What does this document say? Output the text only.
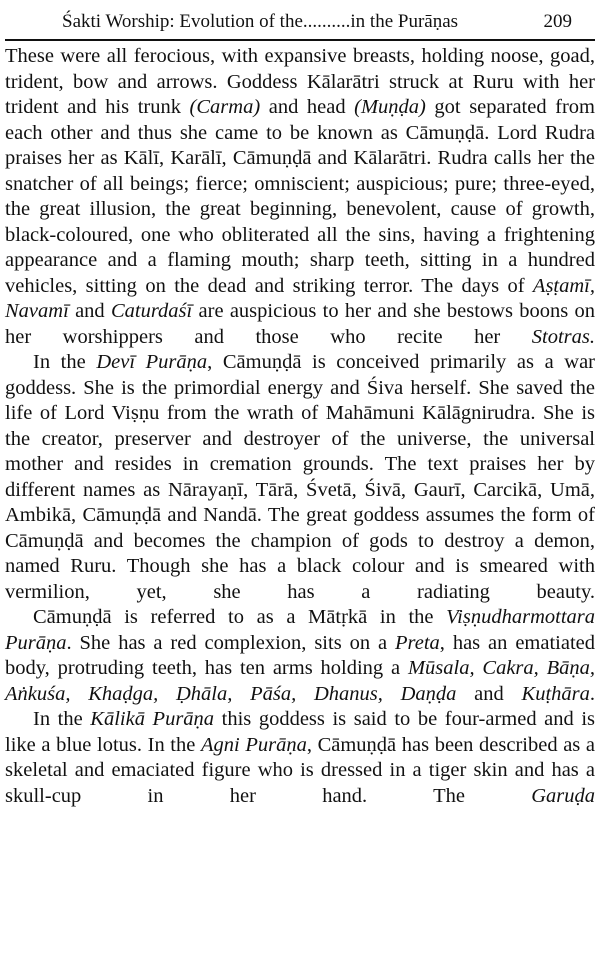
Śakti Worship: Evolution of the..........in the Purāṇas	209

These were all ferocious, with expansive breasts, holding noose, goad, trident, bow and arrows. Goddess Kālarātri struck at Ruru with her trident and his trunk (Carma) and head (Muṇḍa) got separated from each other and thus she came to be known as Cāmuṇḍā. Lord Rudra praises her as Kālī, Karālī, Cāmuṇḍā and Kālarātri. Rudra calls her the snatcher of all beings; fierce; omniscient; auspicious; pure; three-eyed, the great illusion, the great beginning, benevolent, cause of growth, black-coloured, one who obliterated all the sins, having a frightening appearance and a flaming mouth; sharp teeth, sitting in a hundred vehicles, sitting on the dead and striking terror. The days of Aṣṭamī, Navamī and Caturdaśī are auspicious to her and she bestows boons on her worshippers and those who recite her Stotras.

In the Devī Purāṇa, Cāmuṇḍā is conceived primarily as a war goddess. She is the primordial energy and Śiva herself. She saved the life of Lord Viṣṇu from the wrath of Mahāmuni Kālāgnirudra. She is the creator, preserver and destroyer of the universe, the universal mother and resides in cremation grounds. The text praises her by different names as Nārayaṇī, Tārā, Śvetā, Śivā, Gaurī, Carcikā, Umā, Ambikā, Cāmuṇḍā and Nandā. The great goddess assumes the form of Cāmuṇḍā and becomes the champion of gods to destroy a demon, named Ruru. Though she has a black colour and is smeared with vermilion, yet, she has a radiating beauty.

Cāmuṇḍā is referred to as a Mātṛkā in the Viṣṇudharmottara Purāṇa. She has a red complexion, sits on a Preta, has an ematiated body, protruding teeth, has ten arms holding a Mūsala, Cakra, Bāṇa, Aṅkuśa, Khaḍga, Ḍhāla, Pāśa, Dhanus, Daṇḍa and Kuṭhāra.

In the Kālikā Purāṇa this goddess is said to be four-armed and is like a blue lotus. In the Agni Purāṇa, Cāmuṇḍā has been described as a skeletal and emaciated figure who is dressed in a tiger skin and has a skull-cup in her hand. The Garuḍa
